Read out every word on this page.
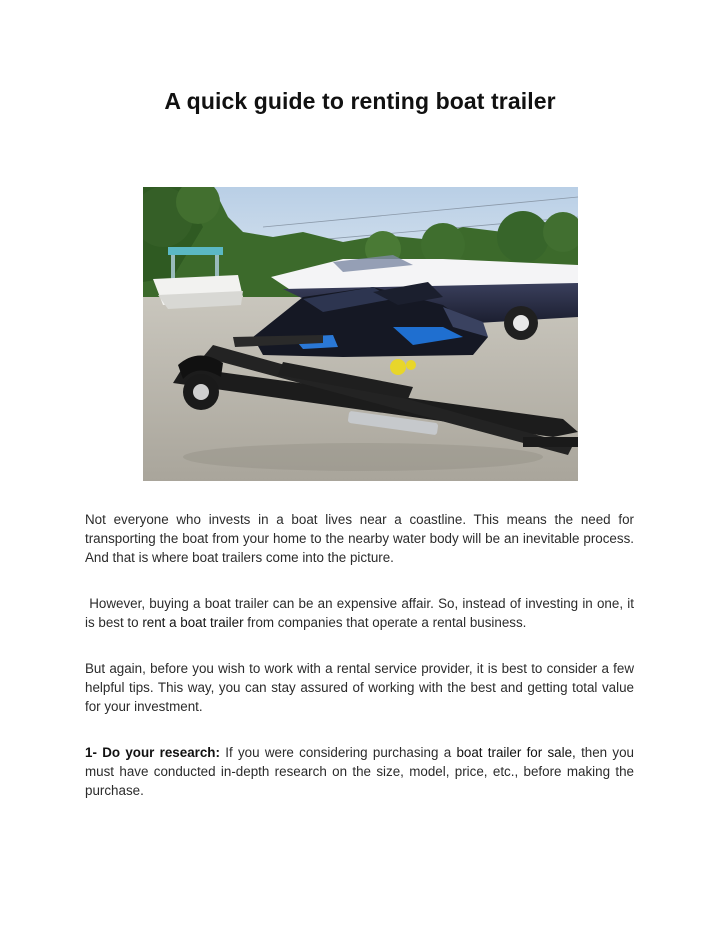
A quick guide to renting boat trailer

Not everyone who invests in a boat lives near a coastline. This means the need for transporting the boat from your home to the nearby water body will be an inevitable process. And that is where boat trailers come into the picture.

However, buying a boat trailer can be an expensive affair. So, instead of investing in one, it is best to rent a boat trailer from companies that operate a rental business.

But again, before you wish to work with a rental service provider, it is best to consider a few helpful tips. This way, you can stay assured of working with the best and getting total value for your investment.

1- Do your research: If you were considering purchasing a boat trailer for sale, then you must have conducted in-depth research on the size, model, price, etc., before making the purchase.
